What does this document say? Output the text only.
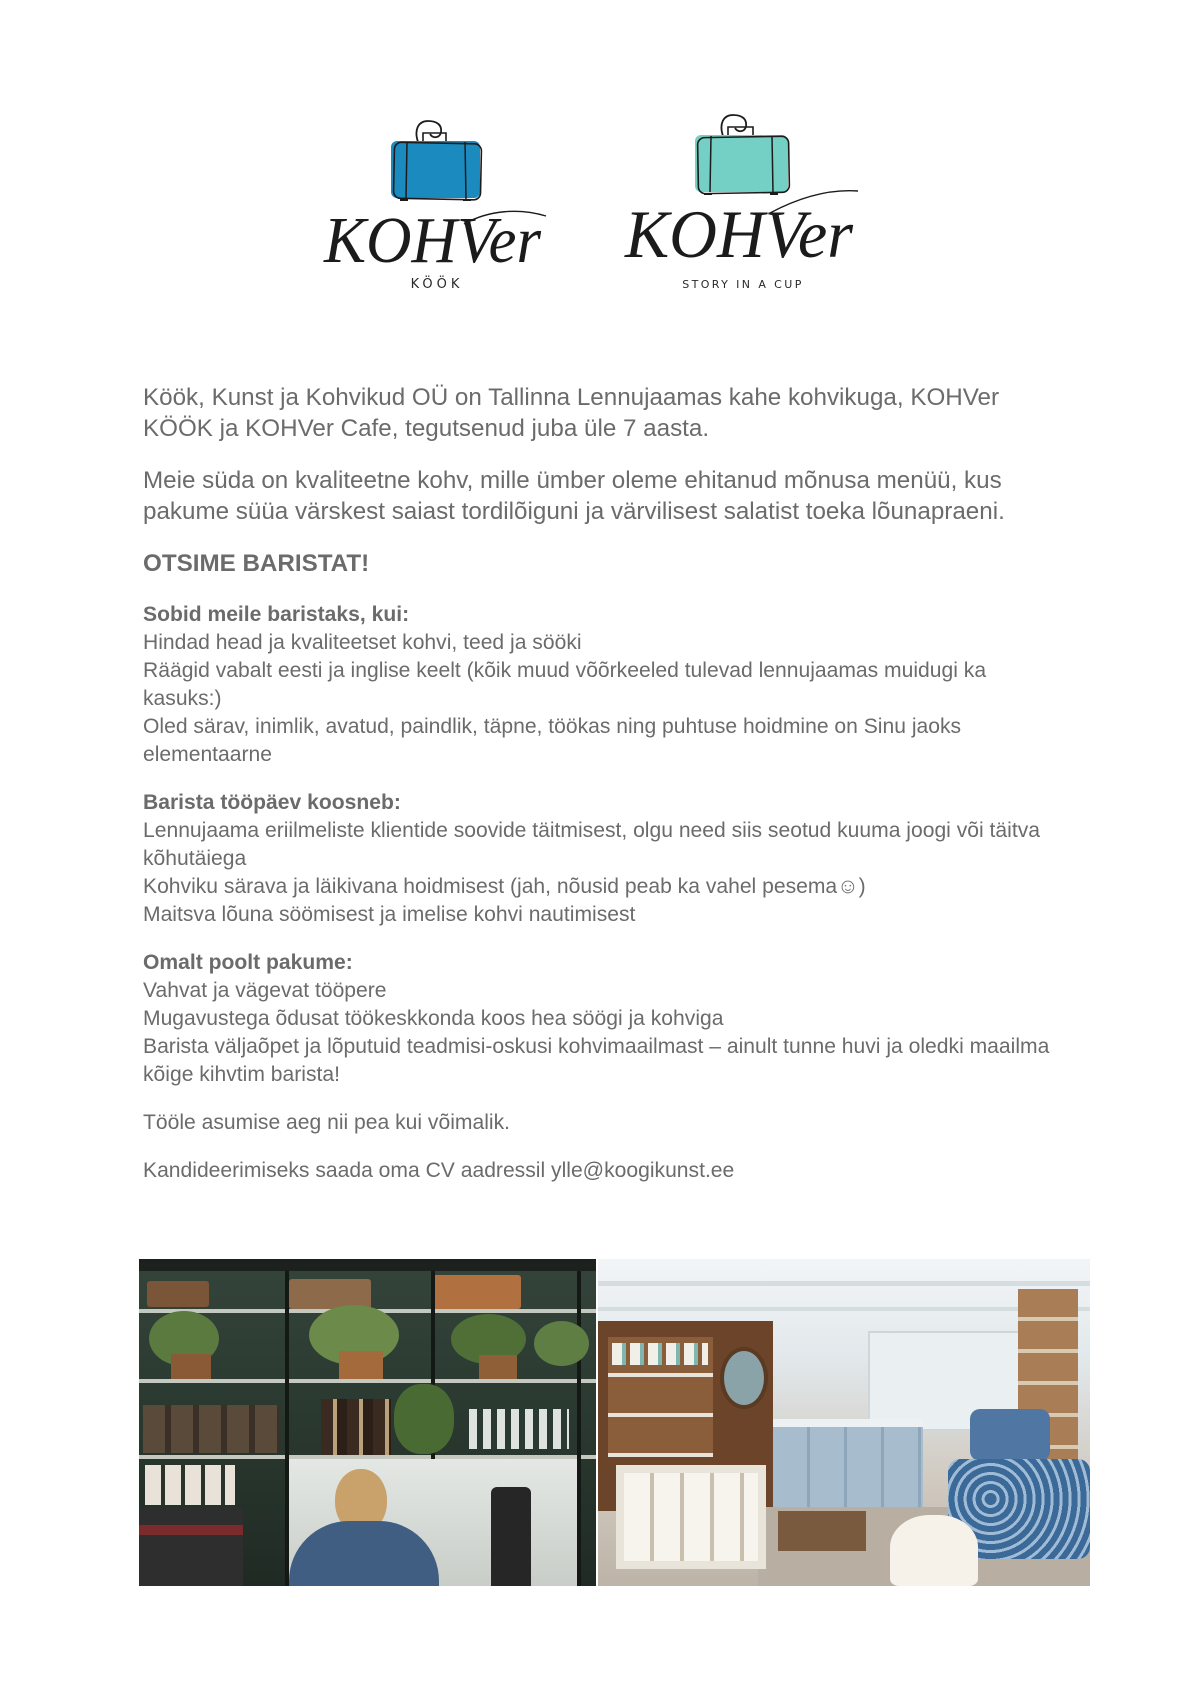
KOHVer
KÖÖK
KOHVer
STORY IN A CUP

Köök, Kunst ja Kohvikud OÜ on Tallinna Lennujaamas kahe kohvikuga, KOHVer KÖÖK ja KOHVer Cafe, tegutsenud juba üle 7 aasta.

Meie süda on kvaliteetne kohv, mille ümber oleme ehitanud mõnusa menüü, kus pakume süüa värskest saiast tordilõiguni ja värvilisest salatist toeka lõunapraeni.

OTSIME BARISTAT!

Sobid meile baristaks, kui:

Hindad head ja kvaliteetset kohvi, teed ja sööki
Räägid vabalt eesti ja inglise keelt (kõik muud võõrkeeled tulevad lennujaamas muidugi ka kasuks:)
Oled särav, inimlik, avatud, paindlik, täpne, töökas ning puhtuse hoidmine on Sinu jaoks elementaarne

Barista tööpäev koosneb:

Lennujaama eriilmeliste klientide soovide täitmisest, olgu need siis seotud kuuma joogi või täitva kõhutäiega
Kohviku särava ja läikivana hoidmisest (jah, nõusid peab ka vahel pesema☺)
Maitsva lõuna söömisest ja imelise kohvi nautimisest

Omalt poolt pakume:

Vahvat ja vägevat tööpere
Mugavustega õdusat töökeskkonda koos hea söögi ja kohviga
Barista väljaõpet ja lõputuid teadmisi-oskusi kohvimaailmast – ainult tunne huvi ja oledki maailma kõige kihvtim barista!

Tööle asumise aeg nii pea kui võimalik.

Kandideerimiseks saada oma CV aadressil ylle@koogikunst.ee
